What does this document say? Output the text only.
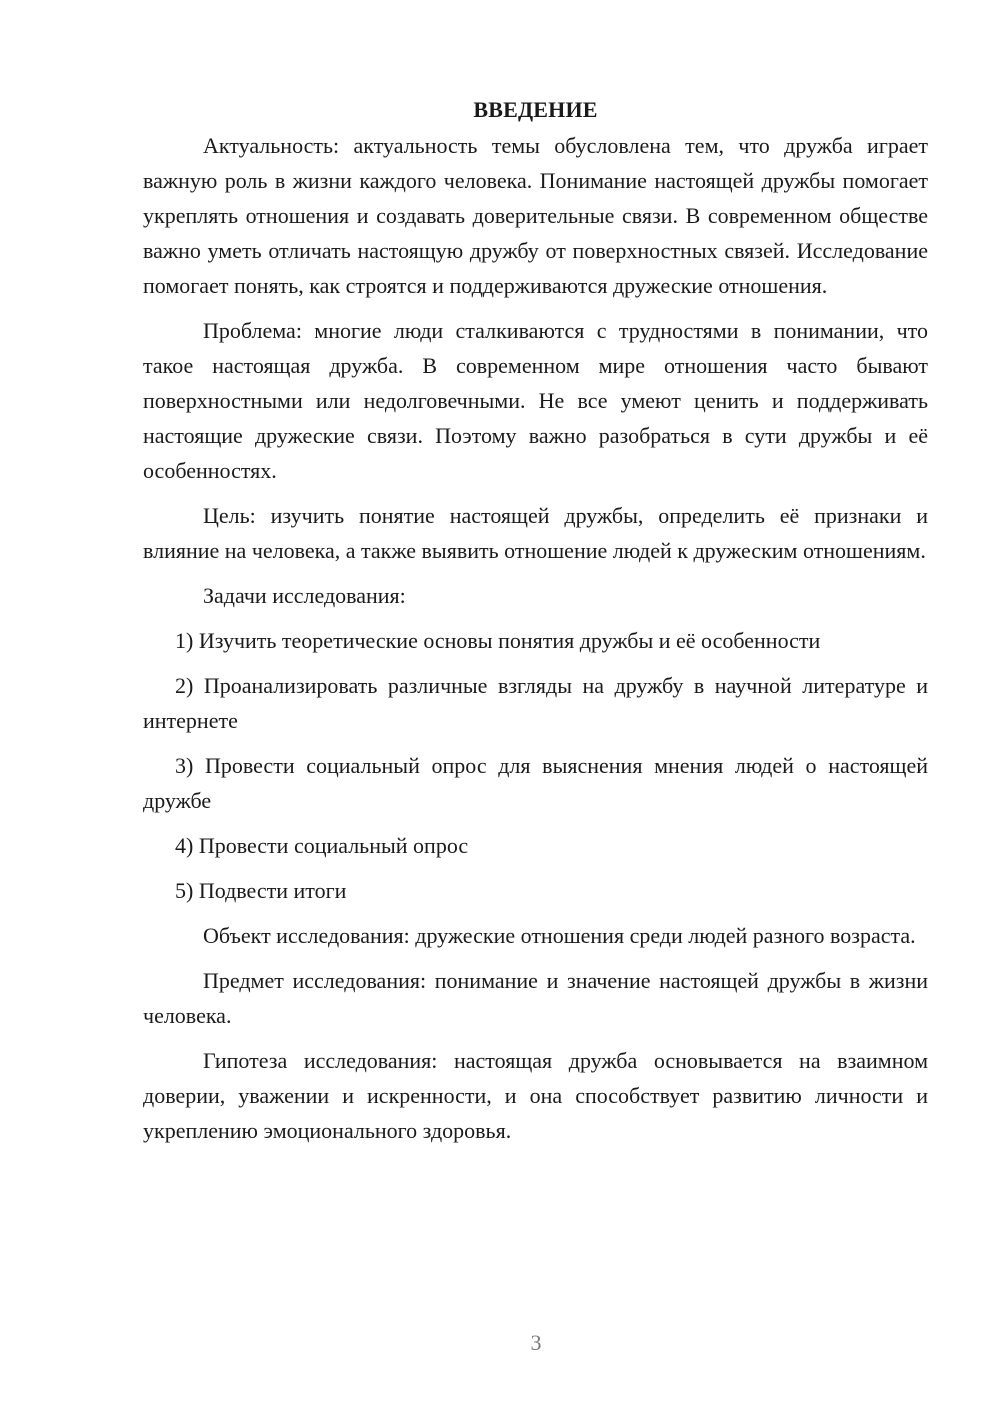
ВВЕДЕНИЕ

Актуальность: актуальность темы обусловлена тем, что дружба играет важную роль в жизни каждого человека. Понимание настоящей дружбы помогает укреплять отношения и создавать доверительные связи. В современном обществе важно уметь отличать настоящую дружбу от поверхностных связей. Исследование помогает понять, как строятся и поддерживаются дружеские отношения.

Проблема: многие люди сталкиваются с трудностями в понимании, что такое настоящая дружба. В современном мире отношения часто бывают поверхностными или недолговечными. Не все умеют ценить и поддерживать настоящие дружеские связи. Поэтому важно разобраться в сути дружбы и её особенностях.

Цель: изучить понятие настоящей дружбы, определить её признаки и влияние на человека, а также выявить отношение людей к дружеским отношениям.

Задачи исследования:

1) Изучить теоретические основы понятия дружбы и её особенности

2) Проанализировать различные взгляды на дружбу в научной литературе и интернете

3) Провести социальный опрос для выяснения мнения людей о настоящей дружбе

4) Провести социальный опрос

5) Подвести итоги

Объект исследования: дружеские отношения среди людей разного возраста.

Предмет исследования: понимание и значение настоящей дружбы в жизни человека.

Гипотеза исследования: настоящая дружба основывается на взаимном доверии, уважении и искренности, и она способствует развитию личности и укреплению эмоционального здоровья.

3
